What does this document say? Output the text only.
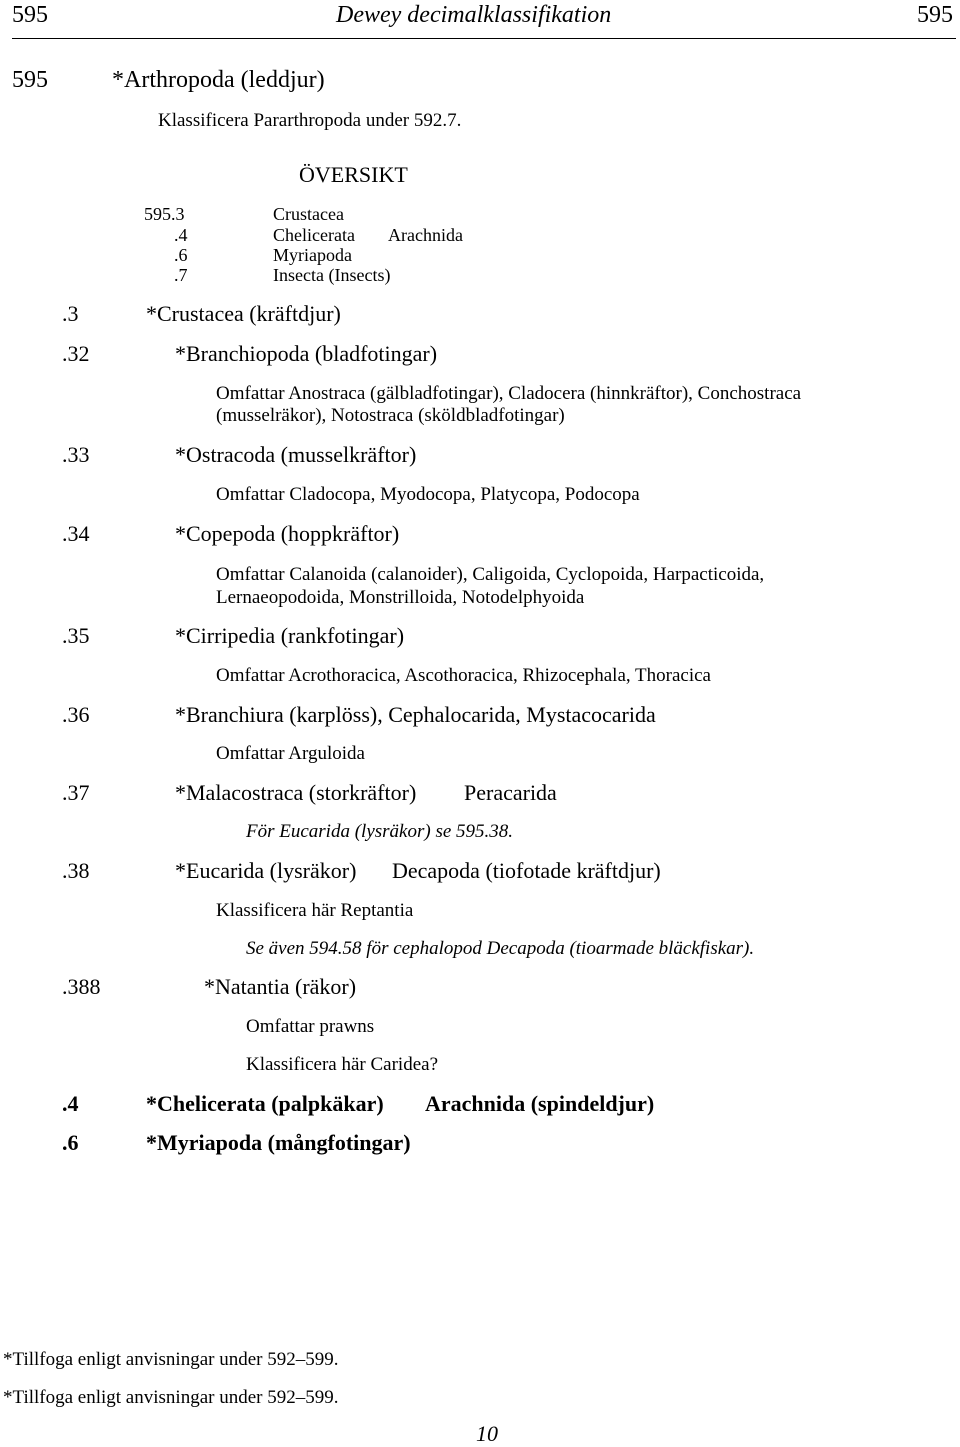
595	Dewey decimalklassifikation	595
595	*Arthropoda (leddjur)
Klassificera Pararthropoda under 592.7.
ÖVERSIKT
595.3	Crustacea
.4	Chelicerata Arachnida
.6	Myriapoda
.7	Insecta (Insects)
.3	*Crustacea (kräftdjur)
.32	*Branchiopoda (bladfotingar)
Omfattar Anostraca (gälbladfotingar), Cladocera (hinnkräftor), Conchostraca
(musselräkor), Notostraca (sköldbladfotingar)
.33	*Ostracoda (musselkräftor)
Omfattar Cladocopa, Myodocopa, Platycopa, Podocopa
.34	*Copepoda (hoppkräftor)
Omfattar Calanoida (calanoider), Caligoida, Cyclopoida, Harpacticoida,
Lernaeopodoida, Monstrilloida, Notodelphyoida
.35	*Cirripedia (rankfotingar)
Omfattar Acrothoracica, Ascothoracica, Rhizocephala, Thoracica
.36	*Branchiura (karplöss), Cephalocarida, Mystacocarida
Omfattar Arguloida
.37	*Malacostraca (storkräftor) Peracarida
För Eucarida (lysräkor) se 595.38.
.38	*Eucarida (lysräkor) Decapoda (tiofotade kräftdjur)
Klassificera här Reptantia
Se även 594.58 för cephalopod Decapoda (tioarmade bläckfiskar).
.388	*Natantia (räkor)
Omfattar prawns
Klassificera här Caridea?
.4	*Chelicerata (palpkäkar) Arachnida (spindeldjur)
.6	*Myriapoda (mångfotingar)
*Tillfoga enligt anvisningar under 592–599.
*Tillfoga enligt anvisningar under 592–599.
10
